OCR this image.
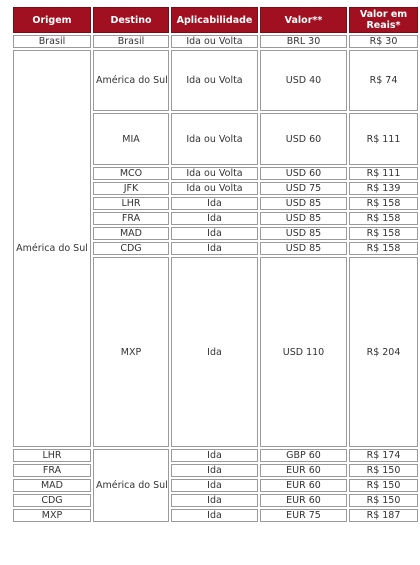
Origem	Destino	Aplicabilidade	Valor**	Valor em Reais*
Brasil	Brasil	Ida ou Volta	BRL 30	R$ 30
América do Sul	América do Sul	Ida ou Volta	USD 40	R$ 74
	MIA	Ida ou Volta	USD 60	R$ 111
	MCO	Ida ou Volta	USD 60	R$ 111
	JFK	Ida ou Volta	USD 75	R$ 139
	LHR	Ida	USD 85	R$ 158
	FRA	Ida	USD 85	R$ 158
	MAD	Ida	USD 85	R$ 158
	CDG	Ida	USD 85	R$ 158
	MXP	Ida	USD 110	R$ 204
LHR	América do Sul	Ida	GBP 60	R$ 174
FRA		Ida	EUR 60	R$ 150
MAD		Ida	EUR 60	R$ 150
CDG		Ida	EUR 60	R$ 150
MXP		Ida	EUR 75	R$ 187
